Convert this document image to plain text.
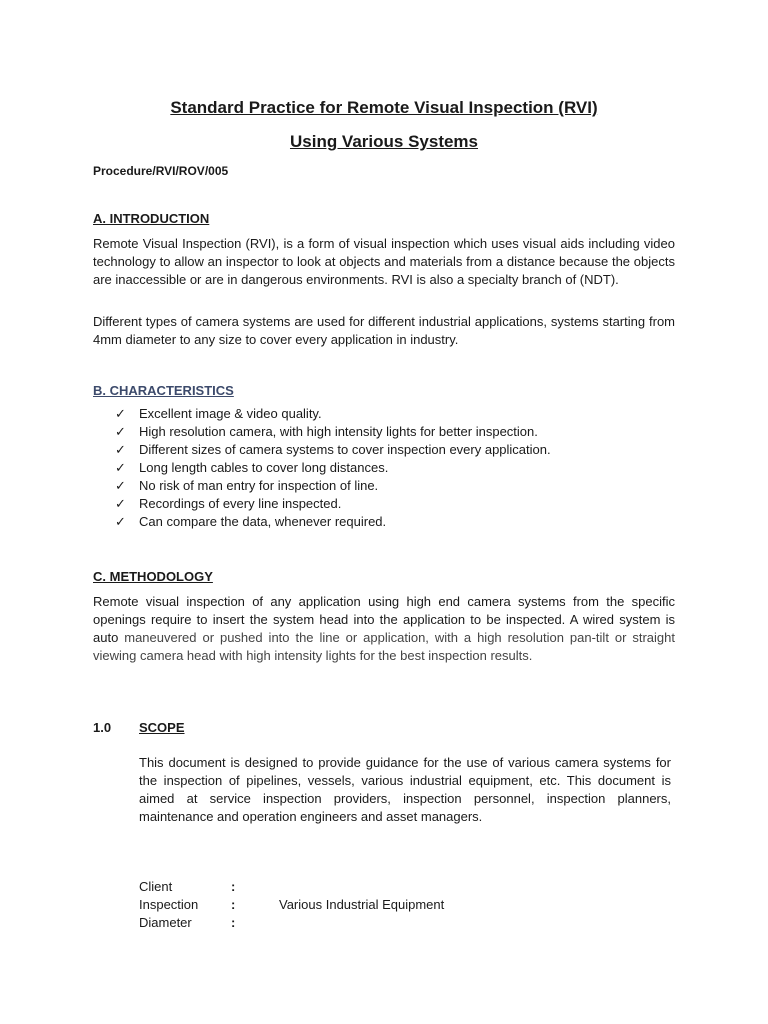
Standard Practice for Remote Visual Inspection (RVI)
Using Various Systems
Procedure/RVI/ROV/005
A. INTRODUCTION
Remote Visual Inspection (RVI), is a form of visual inspection which uses visual aids including video technology to allow an inspector to look at objects and materials from a distance because the objects are inaccessible or are in dangerous environments. RVI is also a specialty branch of (NDT).
Different types of camera systems are used for different industrial applications, systems starting from 4mm diameter to any size to cover every application in industry.
B. CHARACTERISTICS
✓ Excellent image & video quality.
✓ High resolution camera, with high intensity lights for better inspection.
✓ Different sizes of camera systems to cover inspection every application.
✓ Long length cables to cover long distances.
✓ No risk of man entry for inspection of line.
✓ Recordings of every line inspected.
✓ Can compare the data, whenever required.
C. METHODOLOGY
Remote visual inspection of any application using high end camera systems from the specific openings require to insert the system head into the application to be inspected. A wired system is auto maneuvered or pushed into the line or application, with a high resolution pan-tilt or straight viewing camera head with high intensity lights for the best inspection results.
1.0 SCOPE
This document is designed to provide guidance for the use of various camera systems for the inspection of pipelines, vessels, various industrial equipment, etc. This document is aimed at service inspection providers, inspection personnel, inspection planners, maintenance and operation engineers and asset managers.
Client	:	
Inspection	:	Various Industrial Equipment
Diameter	:	
